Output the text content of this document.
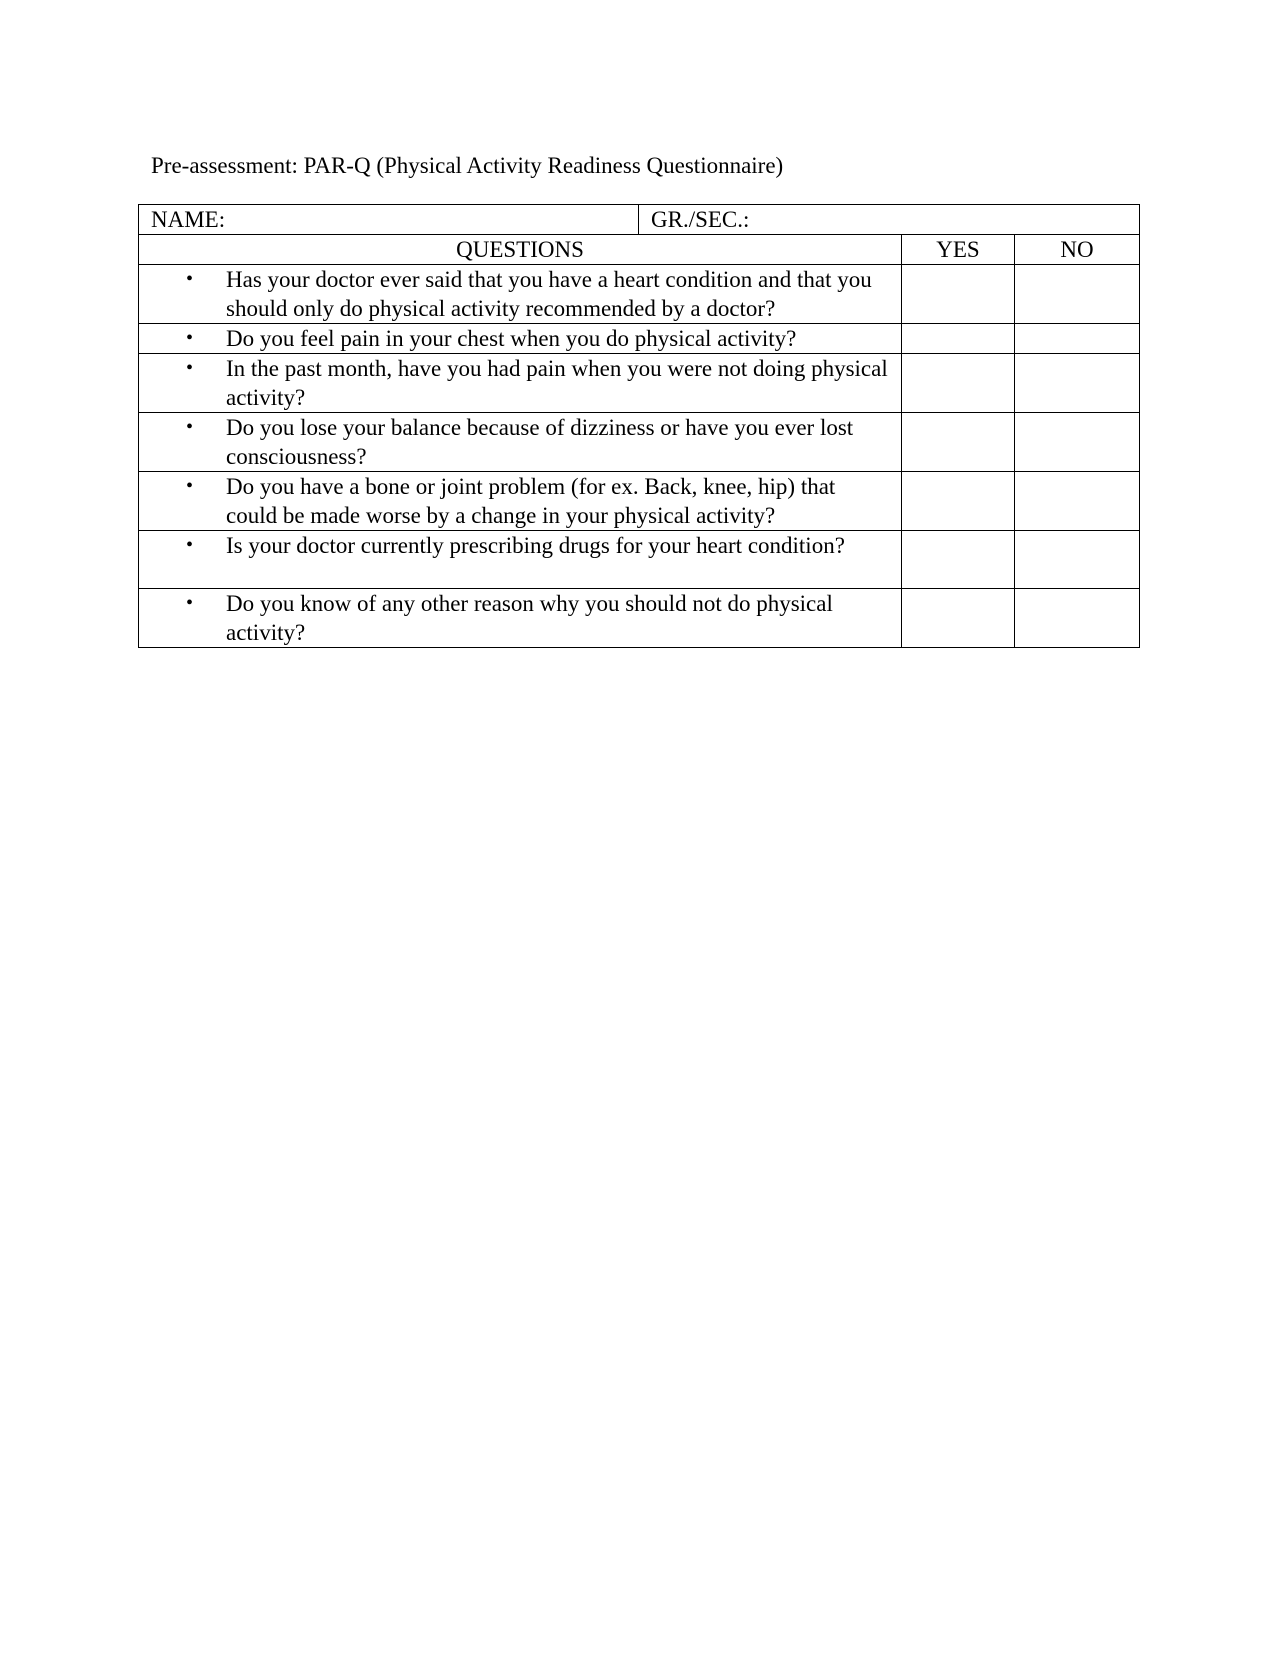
Pre-assessment: PAR-Q (Physical Activity Readiness Questionnaire)
NAME:	GR./SEC.:		
QUESTIONS		YES	NO

• Has your doctor ever said that you have a heart condition and that you should only do physical activity recommended by a doctor?			

• Do you feel pain in your chest when you do physical activity?			

• In the past month, have you had pain when you were not doing physical activity?			

• Do you lose your balance because of dizziness or have you ever lost consciousness?			

• Do you have a bone or joint problem (for ex. Back, knee, hip) that could be made worse by a change in your physical activity?			

• Is your doctor currently prescribing drugs for your heart condition?			

• Do you know of any other reason why you should not do physical activity?			
